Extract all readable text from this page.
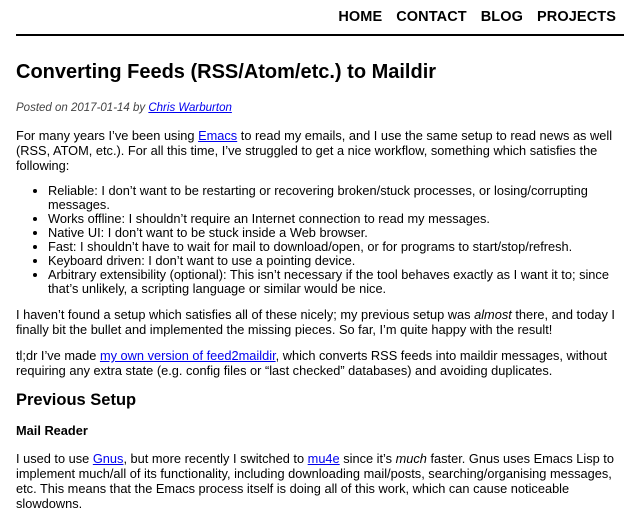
HOME CONTACT BLOG PROJECTS
Converting Feeds (RSS/Atom/etc.) to Maildir
Posted on 2017-01-14 by Chris Warburton

For many years I’ve been using Emacs to read my emails, and I use the same setup to read news as well (RSS, ATOM, etc.). For all this time, I’ve struggled to get a nice workflow, something which satisfies the following:

• Reliable: I don’t want to be restarting or recovering broken/stuck processes, or losing/corrupting messages.
• Works offline: I shouldn’t require an Internet connection to read my messages.
• Native UI: I don’t want to be stuck inside a Web browser.
• Fast: I shouldn’t have to wait for mail to download/open, or for programs to start/stop/refresh.
• Keyboard driven: I don’t want to use a pointing device.
• Arbitrary extensibility (optional): This isn’t necessary if the tool behaves exactly as I want it to; since that’s unlikely, a scripting language or similar would be nice.

I haven’t found a setup which satisfies all of these nicely; my previous setup was almost there, and today I finally bit the bullet and implemented the missing pieces. So far, I’m quite happy with the result!

tl;dr I’ve made my own version of feed2maildir, which converts RSS feeds into maildir messages, without requiring any extra state (e.g. config files or “last checked” databases) and avoiding duplicates.

Previous Setup
Mail Reader

I used to use Gnus, but more recently I switched to mu4e since it’s much faster. Gnus uses Emacs Lisp to implement much/all of its functionality, including downloading mail/posts, searching/organising messages, etc. This means that the Emacs process itself is doing all of this work, which can cause noticeable slowdowns.
